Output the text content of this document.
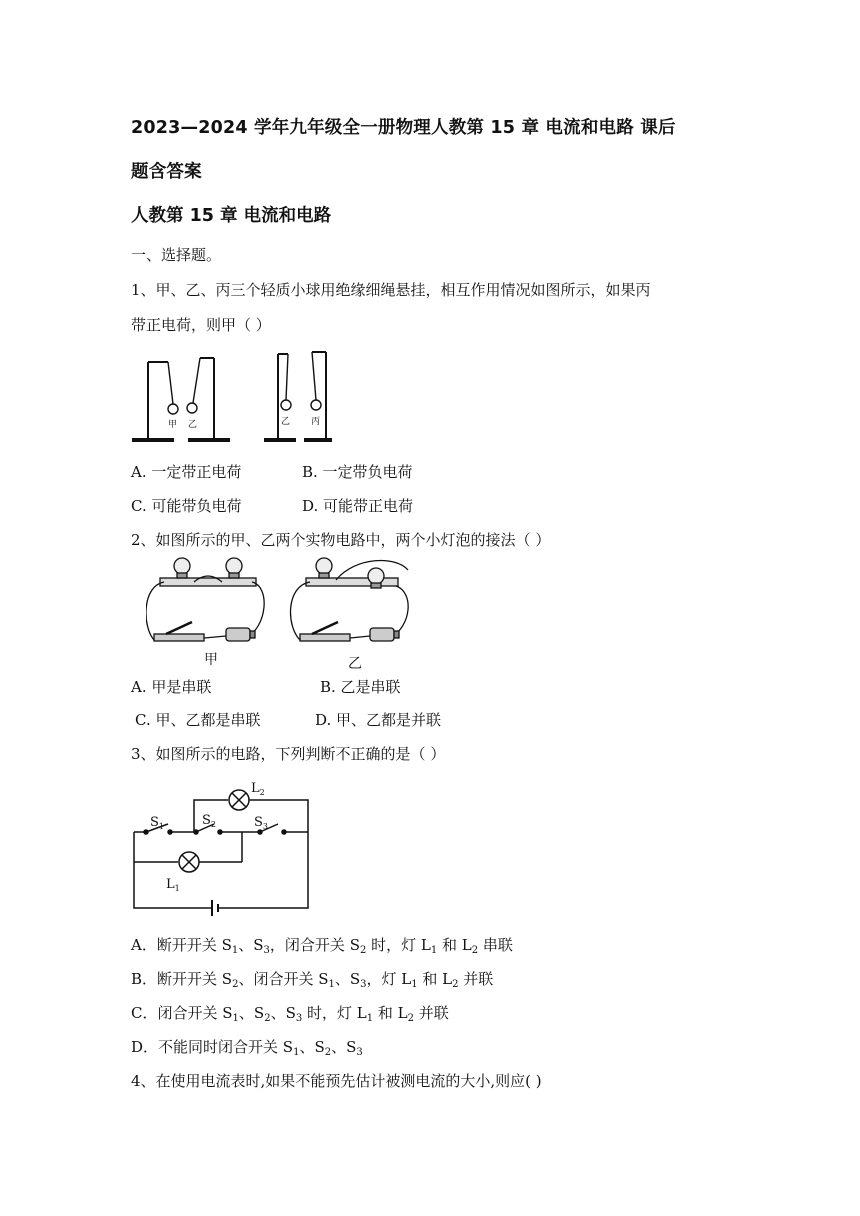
2023—2024 学年九年级全一册物理人教第 15 章 电流和电路 课后

题含答案

人教第 15 章 电流和电路

一、选择题。

1、甲、乙、丙三个轻质小球用绝缘细绳悬挂，相互作用情况如图所示，如果丙

带正电荷，则甲（ ）

甲 乙	乙 丙

A. 一定带正电荷	B. 一定带负电荷

C. 可能带负电荷	D. 可能带正电荷

2、如图所示的甲、乙两个实物电路中，两个小灯泡的接法（ ）

甲	乙

A. 甲是串联	B. 乙是串联

C. 甲、乙都是串联	D. 甲、乙都是并联

3、如图所示的电路，下列判断不正确的是（ ）

$S_1$	$S_2$	$S_3$
$L_2$
$L_1$

A．断开开关 $S_1$、$S_3$，闭合开关 $S_2$ 时，灯 $L_1$ 和 $L_2$ 串联

B．断开开关 $S_2$、闭合开关 $S_1$、$S_3$，灯 $L_1$ 和 $L_2$ 并联

C．闭合开关 $S_1$、$S_2$、$S_3$ 时，灯 $L_1$ 和 $L_2$ 并联

D．不能同时闭合开关 $S_1$、$S_2$、$S_3$

4、在使用电流表时,如果不能预先估计被测电流的大小,则应( )
